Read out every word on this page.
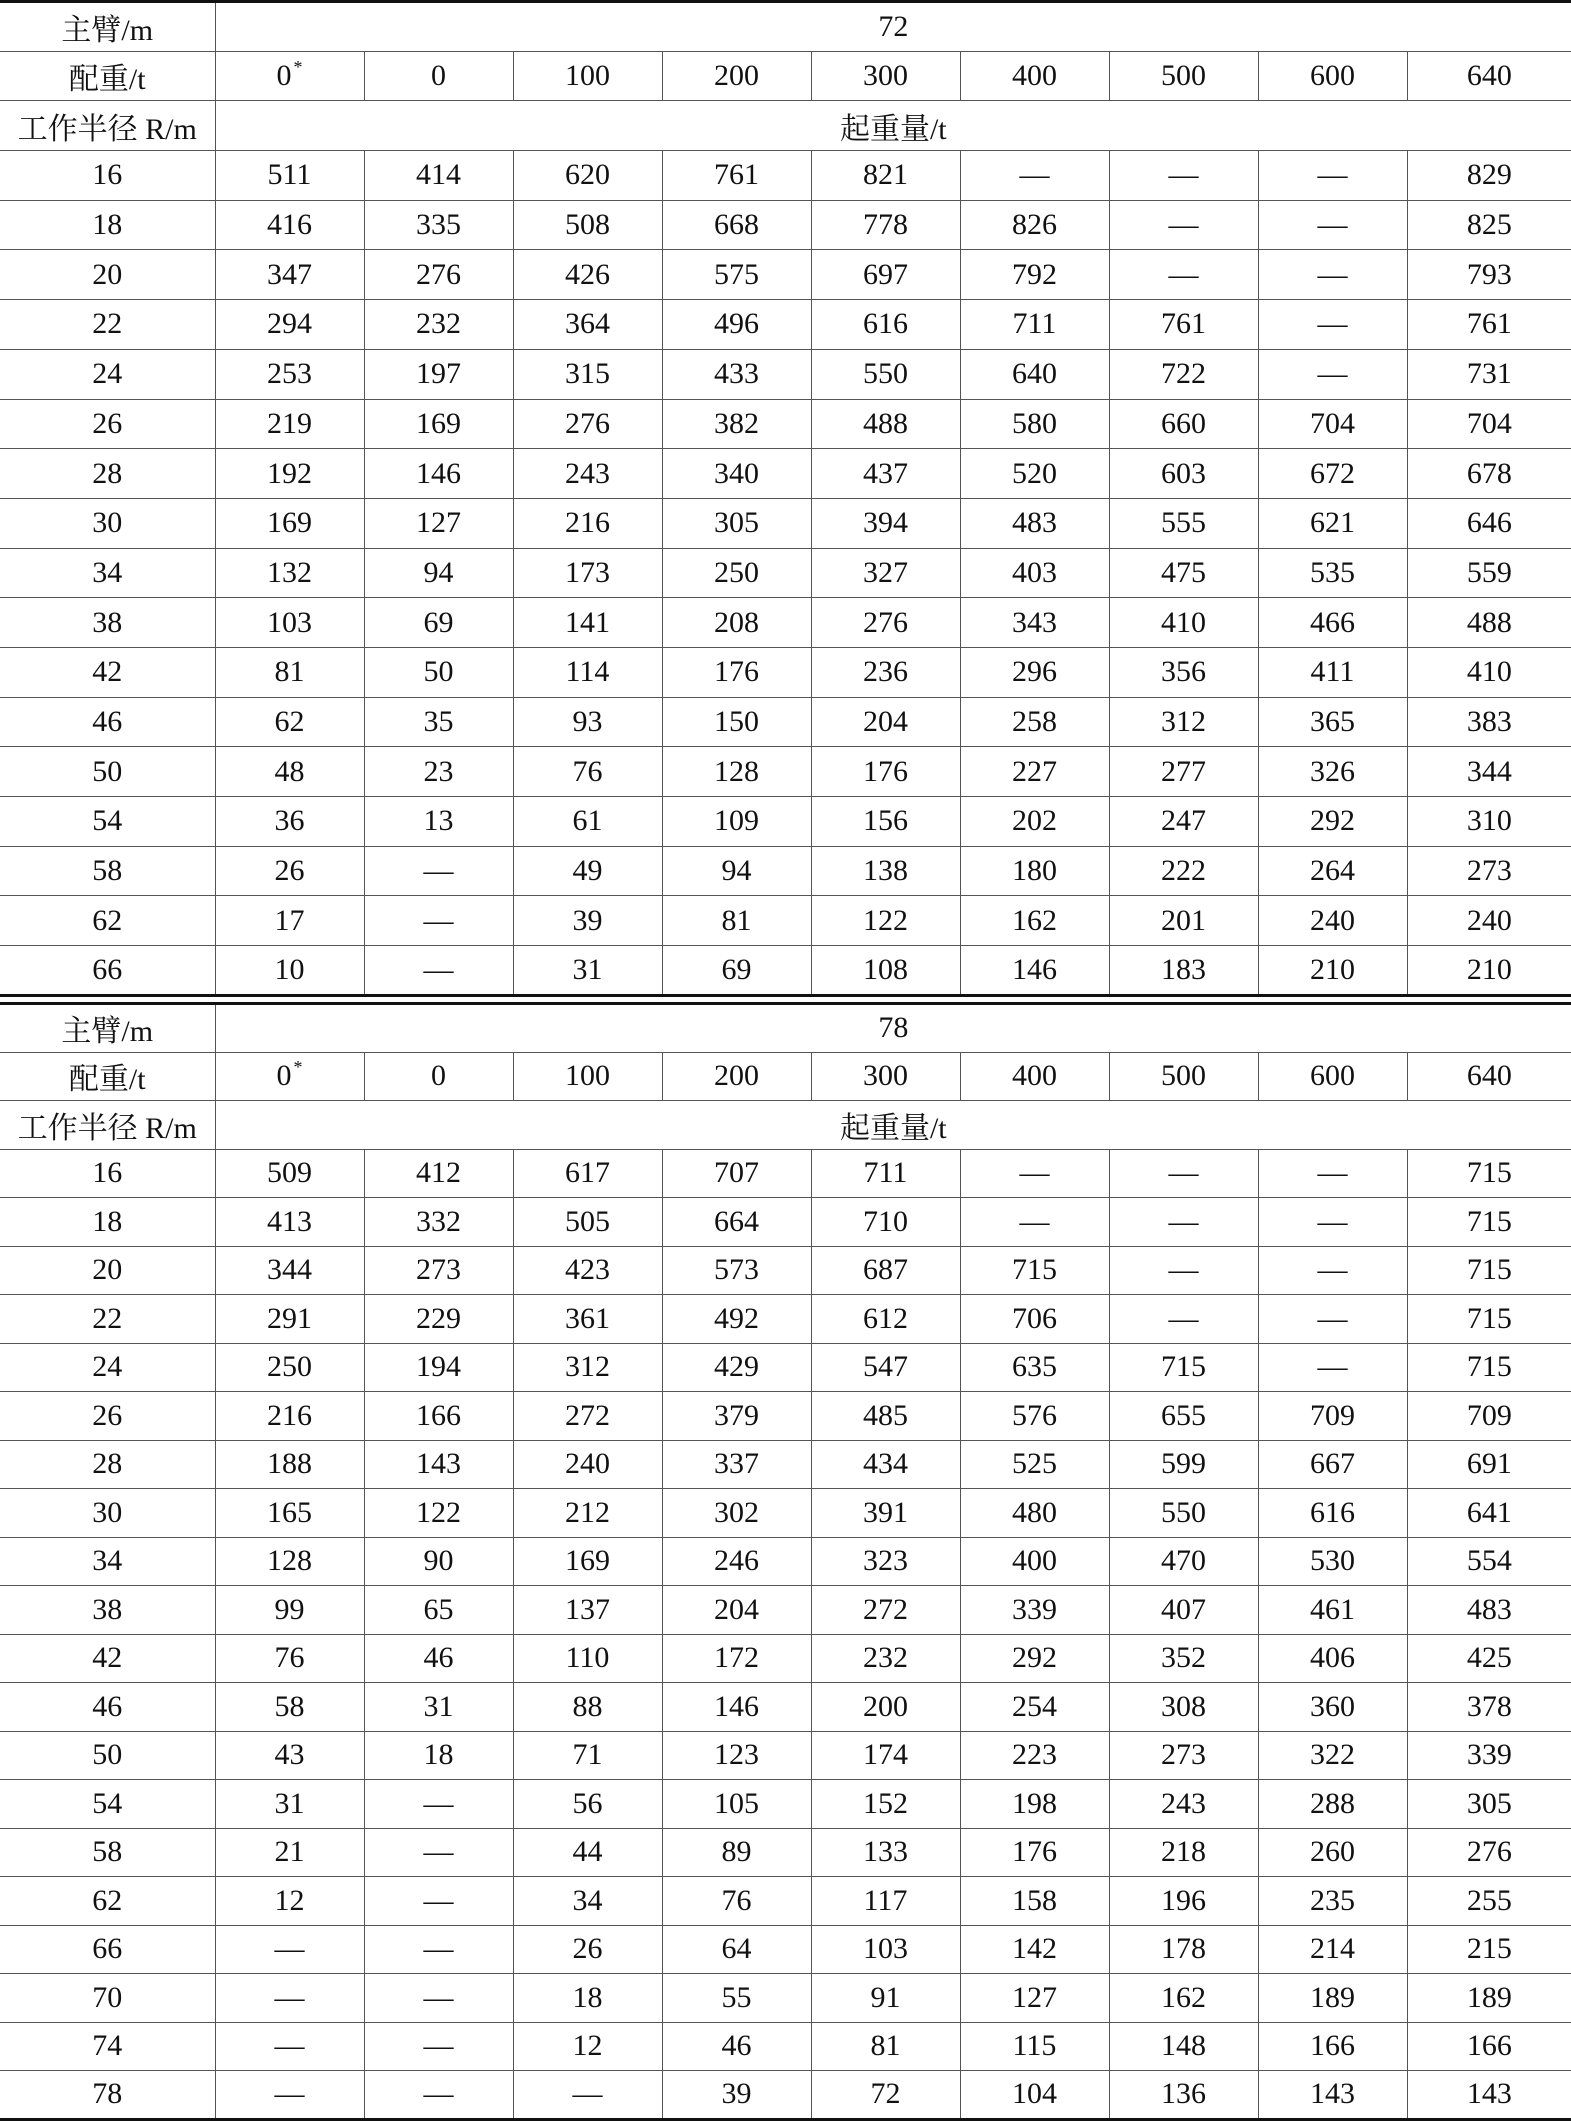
主臂/m	72								
配重/t	0 *	0	100	200	300	400	500	600	640
工作半径 R/m	起重量/t								
16	511	414	620	761	821	—	—	—	829
18	416	335	508	668	778	826	—	—	825
20	347	276	426	575	697	792	—	—	793
22	294	232	364	496	616	711	761	—	761
24	253	197	315	433	550	640	722	—	731
26	219	169	276	382	488	580	660	704	704
28	192	146	243	340	437	520	603	672	678
30	169	127	216	305	394	483	555	621	646
34	132	94	173	250	327	403	475	535	559
38	103	69	141	208	276	343	410	466	488
42	81	50	114	176	236	296	356	411	410
46	62	35	93	150	204	258	312	365	383
50	48	23	76	128	176	227	277	326	344
54	36	13	61	109	156	202	247	292	310
58	26	—	49	94	138	180	222	264	273
62	17	—	39	81	122	162	201	240	240
66	10	—	31	69	108	146	183	210	210
主臂/m	78								
配重/t	0 *	0	100	200	300	400	500	600	640
工作半径 R/m	起重量/t								
16	509	412	617	707	711	—	—	—	715
18	413	332	505	664	710	—	—	—	715
20	344	273	423	573	687	715	—	—	715
22	291	229	361	492	612	706	—	—	715
24	250	194	312	429	547	635	715	—	715
26	216	166	272	379	485	576	655	709	709
28	188	143	240	337	434	525	599	667	691
30	165	122	212	302	391	480	550	616	641
34	128	90	169	246	323	400	470	530	554
38	99	65	137	204	272	339	407	461	483
42	76	46	110	172	232	292	352	406	425
46	58	31	88	146	200	254	308	360	378
50	43	18	71	123	174	223	273	322	339
54	31	—	56	105	152	198	243	288	305
58	21	—	44	89	133	176	218	260	276
62	12	—	34	76	117	158	196	235	255
66	—	—	26	64	103	142	178	214	215
70	—	—	18	55	91	127	162	189	189
74	—	—	12	46	81	115	148	166	166
78	—	—	—	39	72	104	136	143	143
